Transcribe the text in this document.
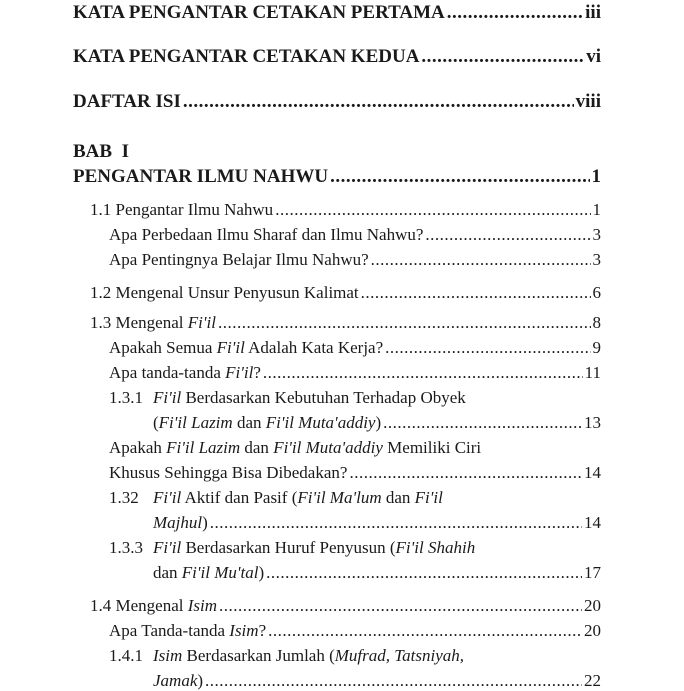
KATA PENGANTAR CETAKAN PERTAMA .....	iii
KATA PENGANTAR CETAKAN KEDUA .....	vi
DAFTAR ISI .....	viii
BAB  I
PENGANTAR ILMU NAHWU .....	1
1.1 Pengantar Ilmu Nahwu .....	1
Apa Perbedaan Ilmu Sharaf dan Ilmu Nahwu? .....	3
Apa Pentingnya Belajar Ilmu Nahwu? .....	3
1.2 Mengenal Unsur Penyusun Kalimat .....	6
1.3 Mengenal Fi'il .....	8
Apakah Semua Fi'il Adalah Kata Kerja? .....	9
Apa tanda-tanda Fi'il? .....	11
1.3.1 Fi'il Berdasarkan Kebutuhan Terhadap Obyek
(Fi'il Lazim dan Fi'il Muta'addiy) .....	13
Apakah Fi'il Lazim dan Fi'il Muta'addiy Memiliki Ciri
Khusus Sehingga Bisa Dibedakan? .....	14
1.32 Fi'il Aktif dan Pasif (Fi'il Ma'lum dan Fi'il
Majhul) .....	14
1.3.3 Fi'il Berdasarkan Huruf Penyusun (Fi'il Shahih
dan Fi'il Mu'tal) .....	17
1.4 Mengenal Isim .....	20
Apa Tanda-tanda Isim? .....	20
1.4.1 Isim Berdasarkan Jumlah (Mufrad, Tatsniyah,
Jamak) .....	22
